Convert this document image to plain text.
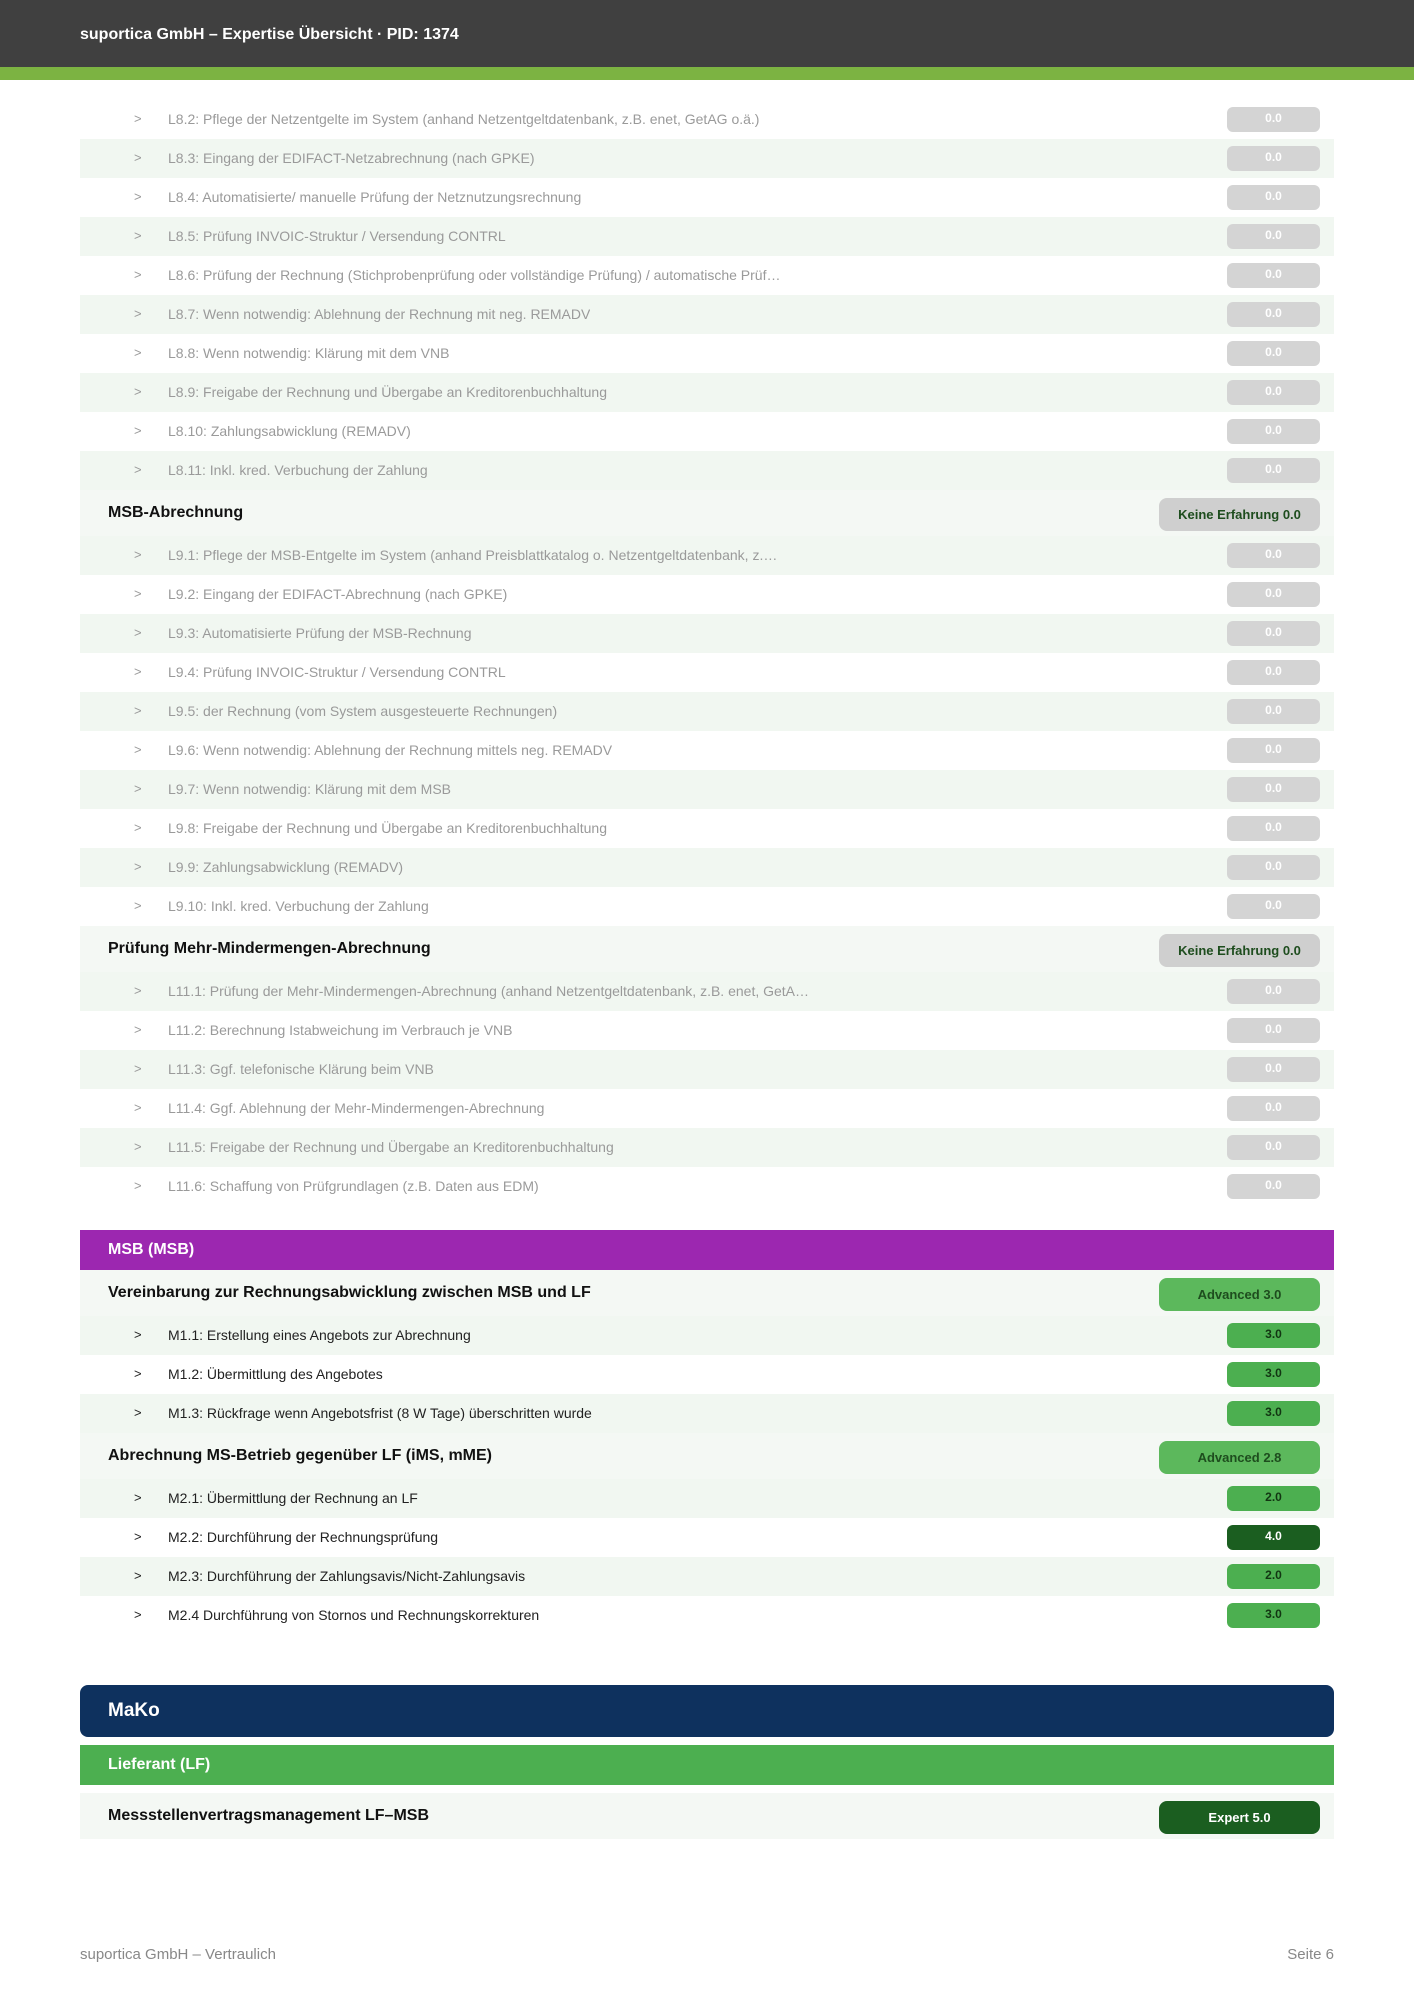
suportica GmbH – Expertise Übersicht · PID: 1374
> L8.2: Pflege der Netzentgelte im System (anhand Netzentgeltdatenbank, z.B. enet, GetAG o.ä.)	0.0
> L8.3: Eingang der EDIFACT-Netzabrechnung (nach GPKE)	0.0
> L8.4: Automatisierte/ manuelle Prüfung der Netznutzungsrechnung	0.0
> L8.5: Prüfung INVOIC-Struktur / Versendung CONTRL	0.0
> L8.6: Prüfung der Rechnung (Stichprobenprüfung oder vollständige Prüfung) / automatische Prüf…	0.0
> L8.7: Wenn notwendig: Ablehnung der Rechnung mit neg. REMADV	0.0
> L8.8: Wenn notwendig: Klärung mit dem VNB	0.0
> L8.9: Freigabe der Rechnung und Übergabe an Kreditorenbuchhaltung	0.0
> L8.10: Zahlungsabwicklung (REMADV)	0.0
> L8.11: Inkl. kred. Verbuchung der Zahlung	0.0
MSB-Abrechnung	Keine Erfahrung 0.0
> L9.1: Pflege der MSB-Entgelte im System (anhand Preisblattkatalog o. Netzentgeltdatenbank, z.…	0.0
> L9.2: Eingang der EDIFACT-Abrechnung (nach GPKE)	0.0
> L9.3: Automatisierte Prüfung der MSB-Rechnung	0.0
> L9.4: Prüfung INVOIC-Struktur / Versendung CONTRL	0.0
> L9.5: der Rechnung (vom System ausgesteuerte Rechnungen)	0.0
> L9.6: Wenn notwendig: Ablehnung der Rechnung mittels neg. REMADV	0.0
> L9.7: Wenn notwendig: Klärung mit dem MSB	0.0
> L9.8: Freigabe der Rechnung und Übergabe an Kreditorenbuchhaltung	0.0
> L9.9: Zahlungsabwicklung (REMADV)	0.0
> L9.10: Inkl. kred. Verbuchung der Zahlung	0.0
Prüfung Mehr-Mindermengen-Abrechnung	Keine Erfahrung 0.0
> L11.1: Prüfung der Mehr-Mindermengen-Abrechnung (anhand Netzentgeltdatenbank, z.B. enet, GetA…	0.0
> L11.2: Berechnung Istabweichung im Verbrauch je VNB	0.0
> L11.3: Ggf. telefonische Klärung beim VNB	0.0
> L11.4: Ggf. Ablehnung der Mehr-Mindermengen-Abrechnung	0.0
> L11.5: Freigabe der Rechnung und Übergabe an Kreditorenbuchhaltung	0.0
> L11.6: Schaffung von Prüfgrundlagen (z.B. Daten aus EDM)	0.0
MSB (MSB)
Vereinbarung zur Rechnungsabwicklung zwischen MSB und LF	Advanced 3.0
> M1.1: Erstellung eines Angebots zur Abrechnung	3.0
> M1.2: Übermittlung des Angebotes	3.0
> M1.3: Rückfrage wenn Angebotsfrist (8 W Tage) überschritten wurde	3.0
Abrechnung MS-Betrieb gegenüber LF (iMS, mME)	Advanced 2.8
> M2.1: Übermittlung der Rechnung an LF	2.0
> M2.2: Durchführung der Rechnungsprüfung	4.0
> M2.3: Durchführung der Zahlungsavis/Nicht-Zahlungsavis	2.0
> M2.4 Durchführung von Stornos und Rechnungskorrekturen	3.0
MaKo
Lieferant (LF)
Messstellenvertragsmanagement LF–MSB	Expert 5.0
suportica GmbH – Vertraulich	Seite 6
